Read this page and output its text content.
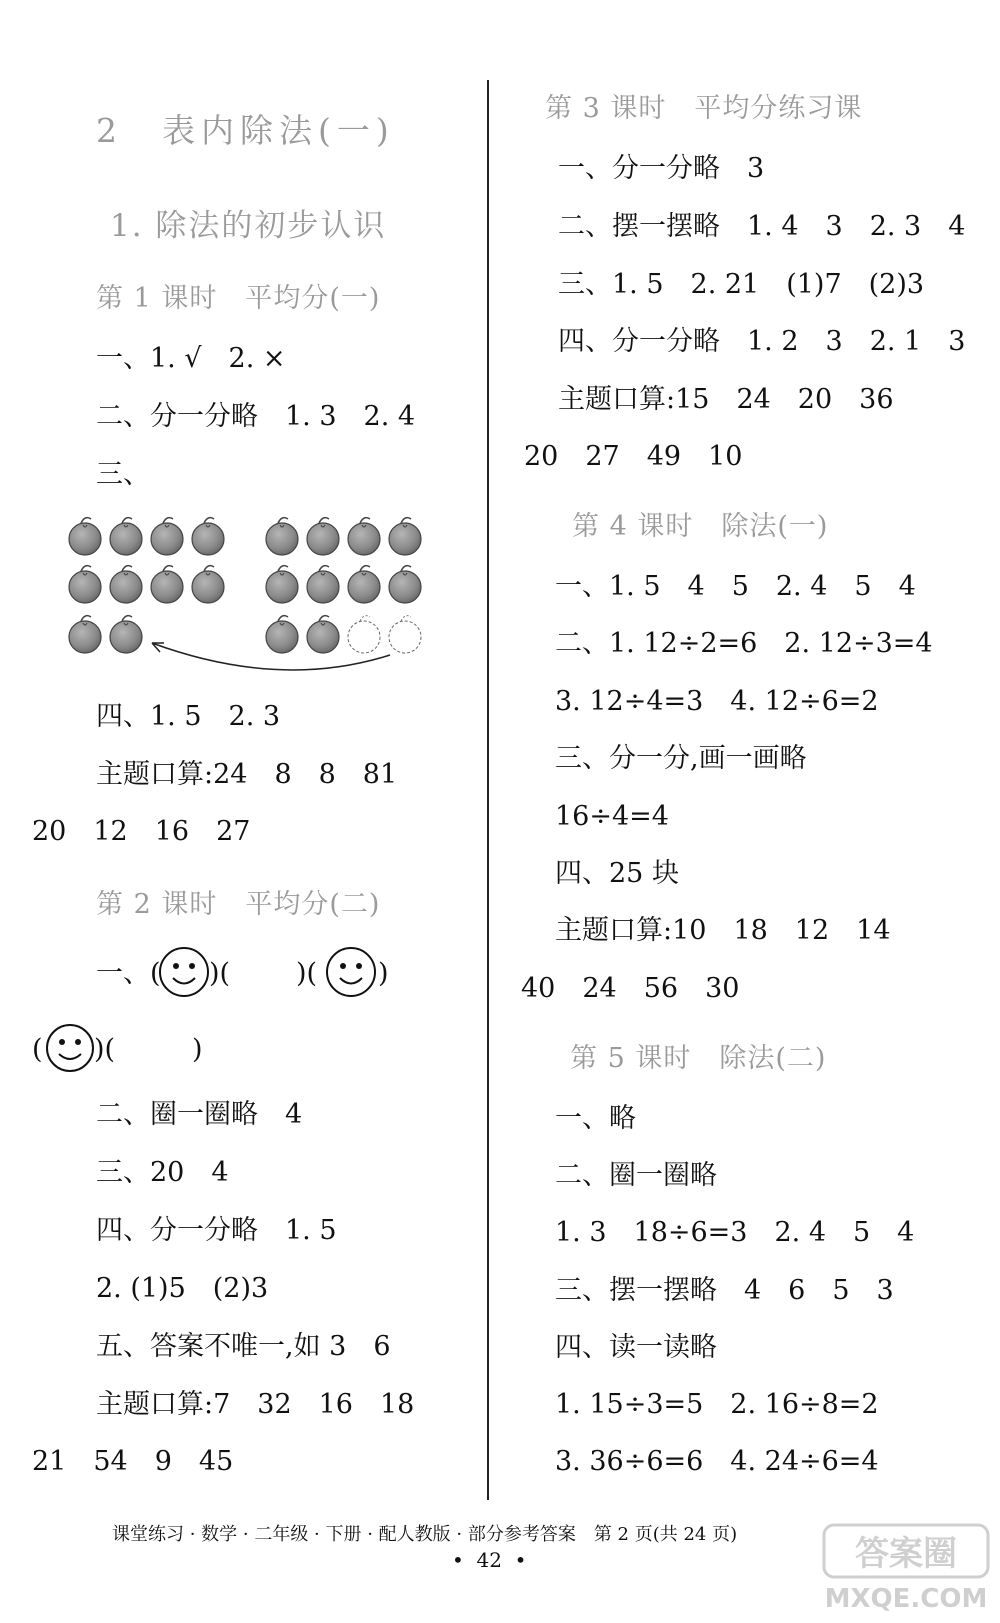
2　表内除法(一)
1. 除法的初步认识
第 1 课时　平均分(一)
一、1. √　2. ×
二、分一分略　1. 3　2. 4
三、
四、1. 5　2. 3
主题口算:24　8　8　81
20　12　16　27
第 2 课时　平均分(二)
一、( )( )( )
( )(	)
二、圈一圈略　4
三、20　4
四、分一分略　1. 5
2. (1)5　(2)3
五、答案不唯一,如 3　6
主题口算:7　32　16　18
21　54　9　45
第 3 课时　平均分练习课
一、分一分略　3
二、摆一摆略　1. 4　3　2. 3　4
三、1. 5　2. 21　(1)7　(2)3
四、分一分略　1. 2　3　2. 1　3
主题口算:15　24　20　36
20　27　49　10
第 4 课时　除法(一)
一、1. 5　4　5　2. 4　5　4
二、1. 12÷2=6　2. 12÷3=4
3. 12÷4=3　4. 12÷6=2
三、分一分,画一画略
16÷4=4
四、25 块
主题口算:10　18　12　14
40　24　56　30
第 5 课时　除法(二)
一、略
二、圈一圈略
1. 3　18÷6=3　2. 4　5　4
三、摆一摆略　4　6　5　3
四、读一读略
1. 15÷3=5　2. 16÷8=2
3. 36÷6=6　4. 24÷6=4
课堂练习 · 数学 · 二年级 · 下册 · 配人教版 · 部分参考答案　第 2 页(共 24 页)
•  42  •

	答案圈
MXQE.COM
